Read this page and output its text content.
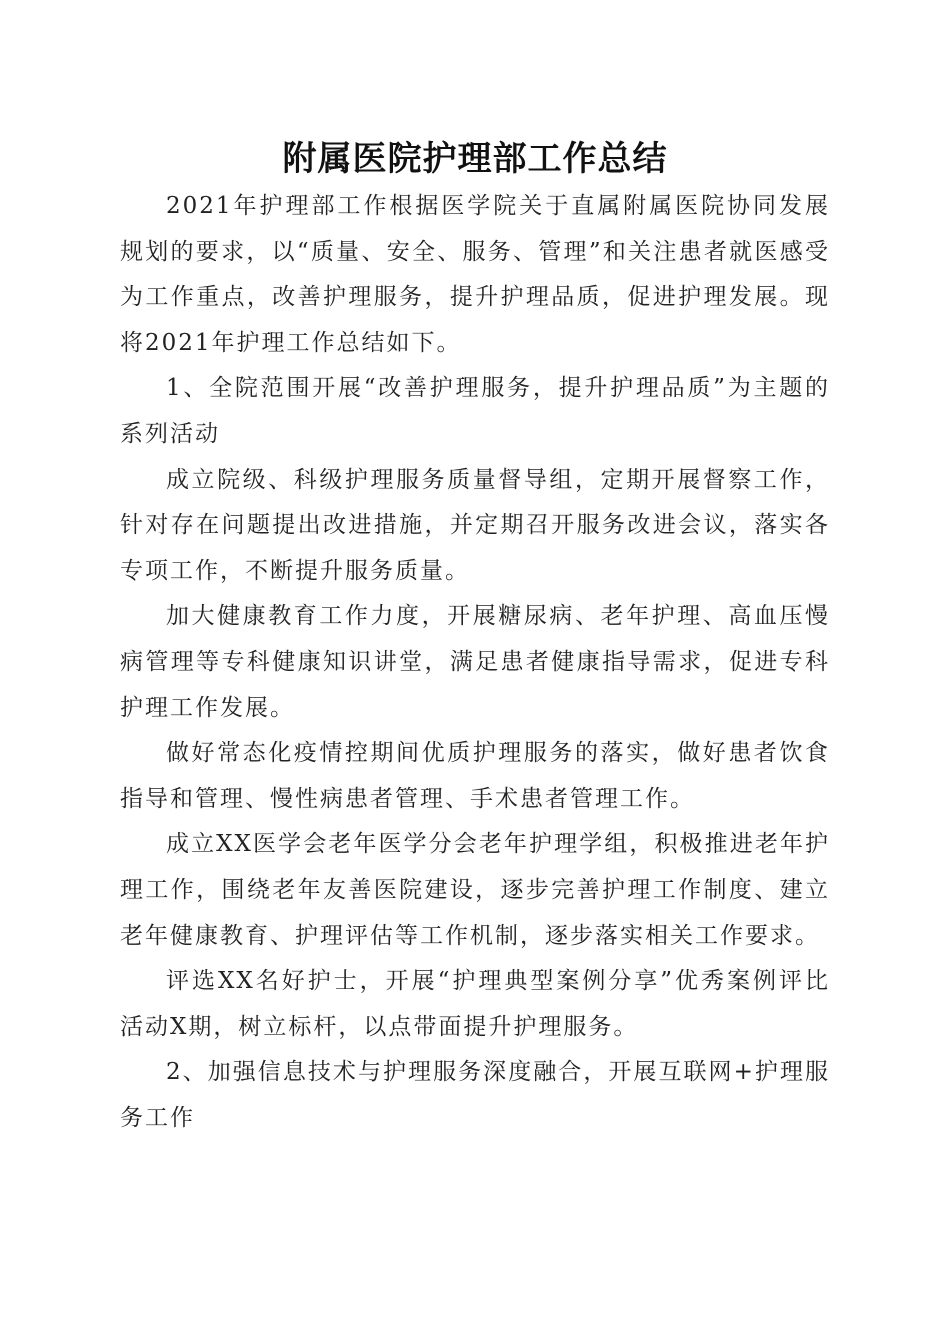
附属医院护理部工作总结

2021年护理部工作根据医学院关于直属附属医院协同发展规划的要求，以“质量、安全、服务、管理”和关注患者就医感受为工作重点，改善护理服务，提升护理品质，促进护理发展。现将2021年护理工作总结如下。

1、全院范围开展“改善护理服务，提升护理品质”为主题的系列活动

成立院级、科级护理服务质量督导组，定期开展督察工作，针对存在问题提出改进措施，并定期召开服务改进会议，落实各专项工作，不断提升服务质量。

加大健康教育工作力度，开展糖尿病、老年护理、高血压慢病管理等专科健康知识讲堂，满足患者健康指导需求，促进专科护理工作发展。

做好常态化疫情控期间优质护理服务的落实，做好患者饮食指导和管理、慢性病患者管理、手术患者管理工作。

成立XX医学会老年医学分会老年护理学组，积极推进老年护理工作，围绕老年友善医院建设，逐步完善护理工作制度、建立老年健康教育、护理评估等工作机制，逐步落实相关工作要求。

评选XX名好护士，开展“护理典型案例分享”优秀案例评比活动X期，树立标杆，以点带面提升护理服务。

2、加强信息技术与护理服务深度融合，开展互联网+护理服务工作
